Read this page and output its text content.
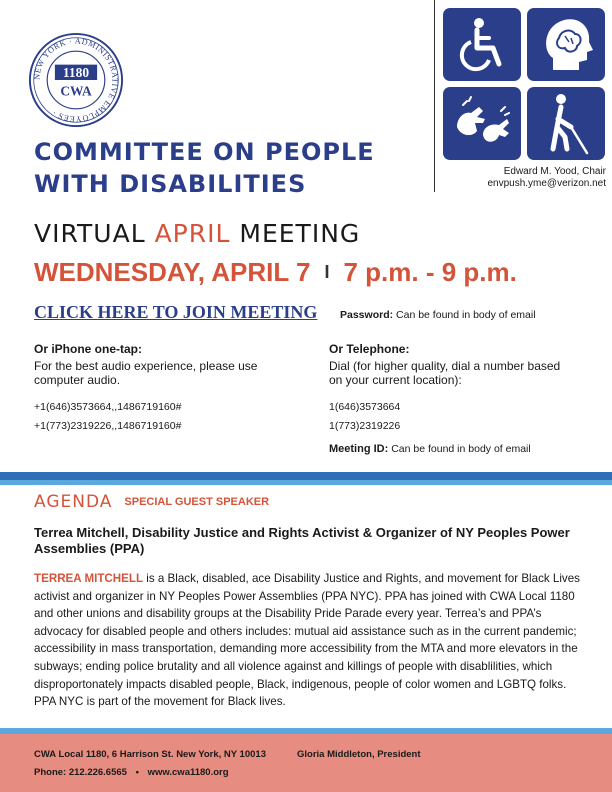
NEW YORK · ADMINISTRATIVE EMPLOYEES ·
1180
CWA
COMMITTEE ON PEOPLE
WITH DISABILITIES	Edward M. Yood, Chair
envpush.yme@verizon.net
VIRTUAL APRIL MEETING
WEDNESDAY, APRIL 7 I 7 p.m. - 9 p.m.
CLICK HERE TO JOIN MEETING Password: Can be found in body of email
Or iPhone one-tap:
For the best audio experience, please use computer audio.
+1(646)3573664,,1486719160#
+1(773)2319226,,1486719160#
Or Telephone:
Dial (for higher quality, dial a number based on your current location):
1(646)3573664
1(773)2319226
Meeting ID: Can be found in body of email
AGENDA SPECIAL GUEST SPEAKER
Terrea Mitchell, Disability Justice and Rights Activist & Organizer of NY Peoples Power Assemblies (PPA)
TERREA MITCHELL is a Black, disabled, ace Disability Justice and Rights, and movement for Black Lives activist and organizer in NY Peoples Power Assemblies (PPA NYC). PPA has joined with CWA Local 1180 and other unions and disability groups at the Disability Pride Parade every year. Terrea’s and PPA’s advocacy for disabled people and others includes: mutual aid assistance such as in the current pandemic; accessibility in mass transportation, demanding more accessibility from the MTA and more elevators in the subways; ending police brutality and all violence against and killings of people with disablilities, which disproportonately impacts disabled people, Black, indigenous, people of color women and LGBTQ folks. PPA NYC is part of the movement for Black lives.
CWA Local 1180, 6 Harrison St. New York, NY 10013	Gloria Middleton, President
Phone: 212.226.6565 • www.cwa1180.org
